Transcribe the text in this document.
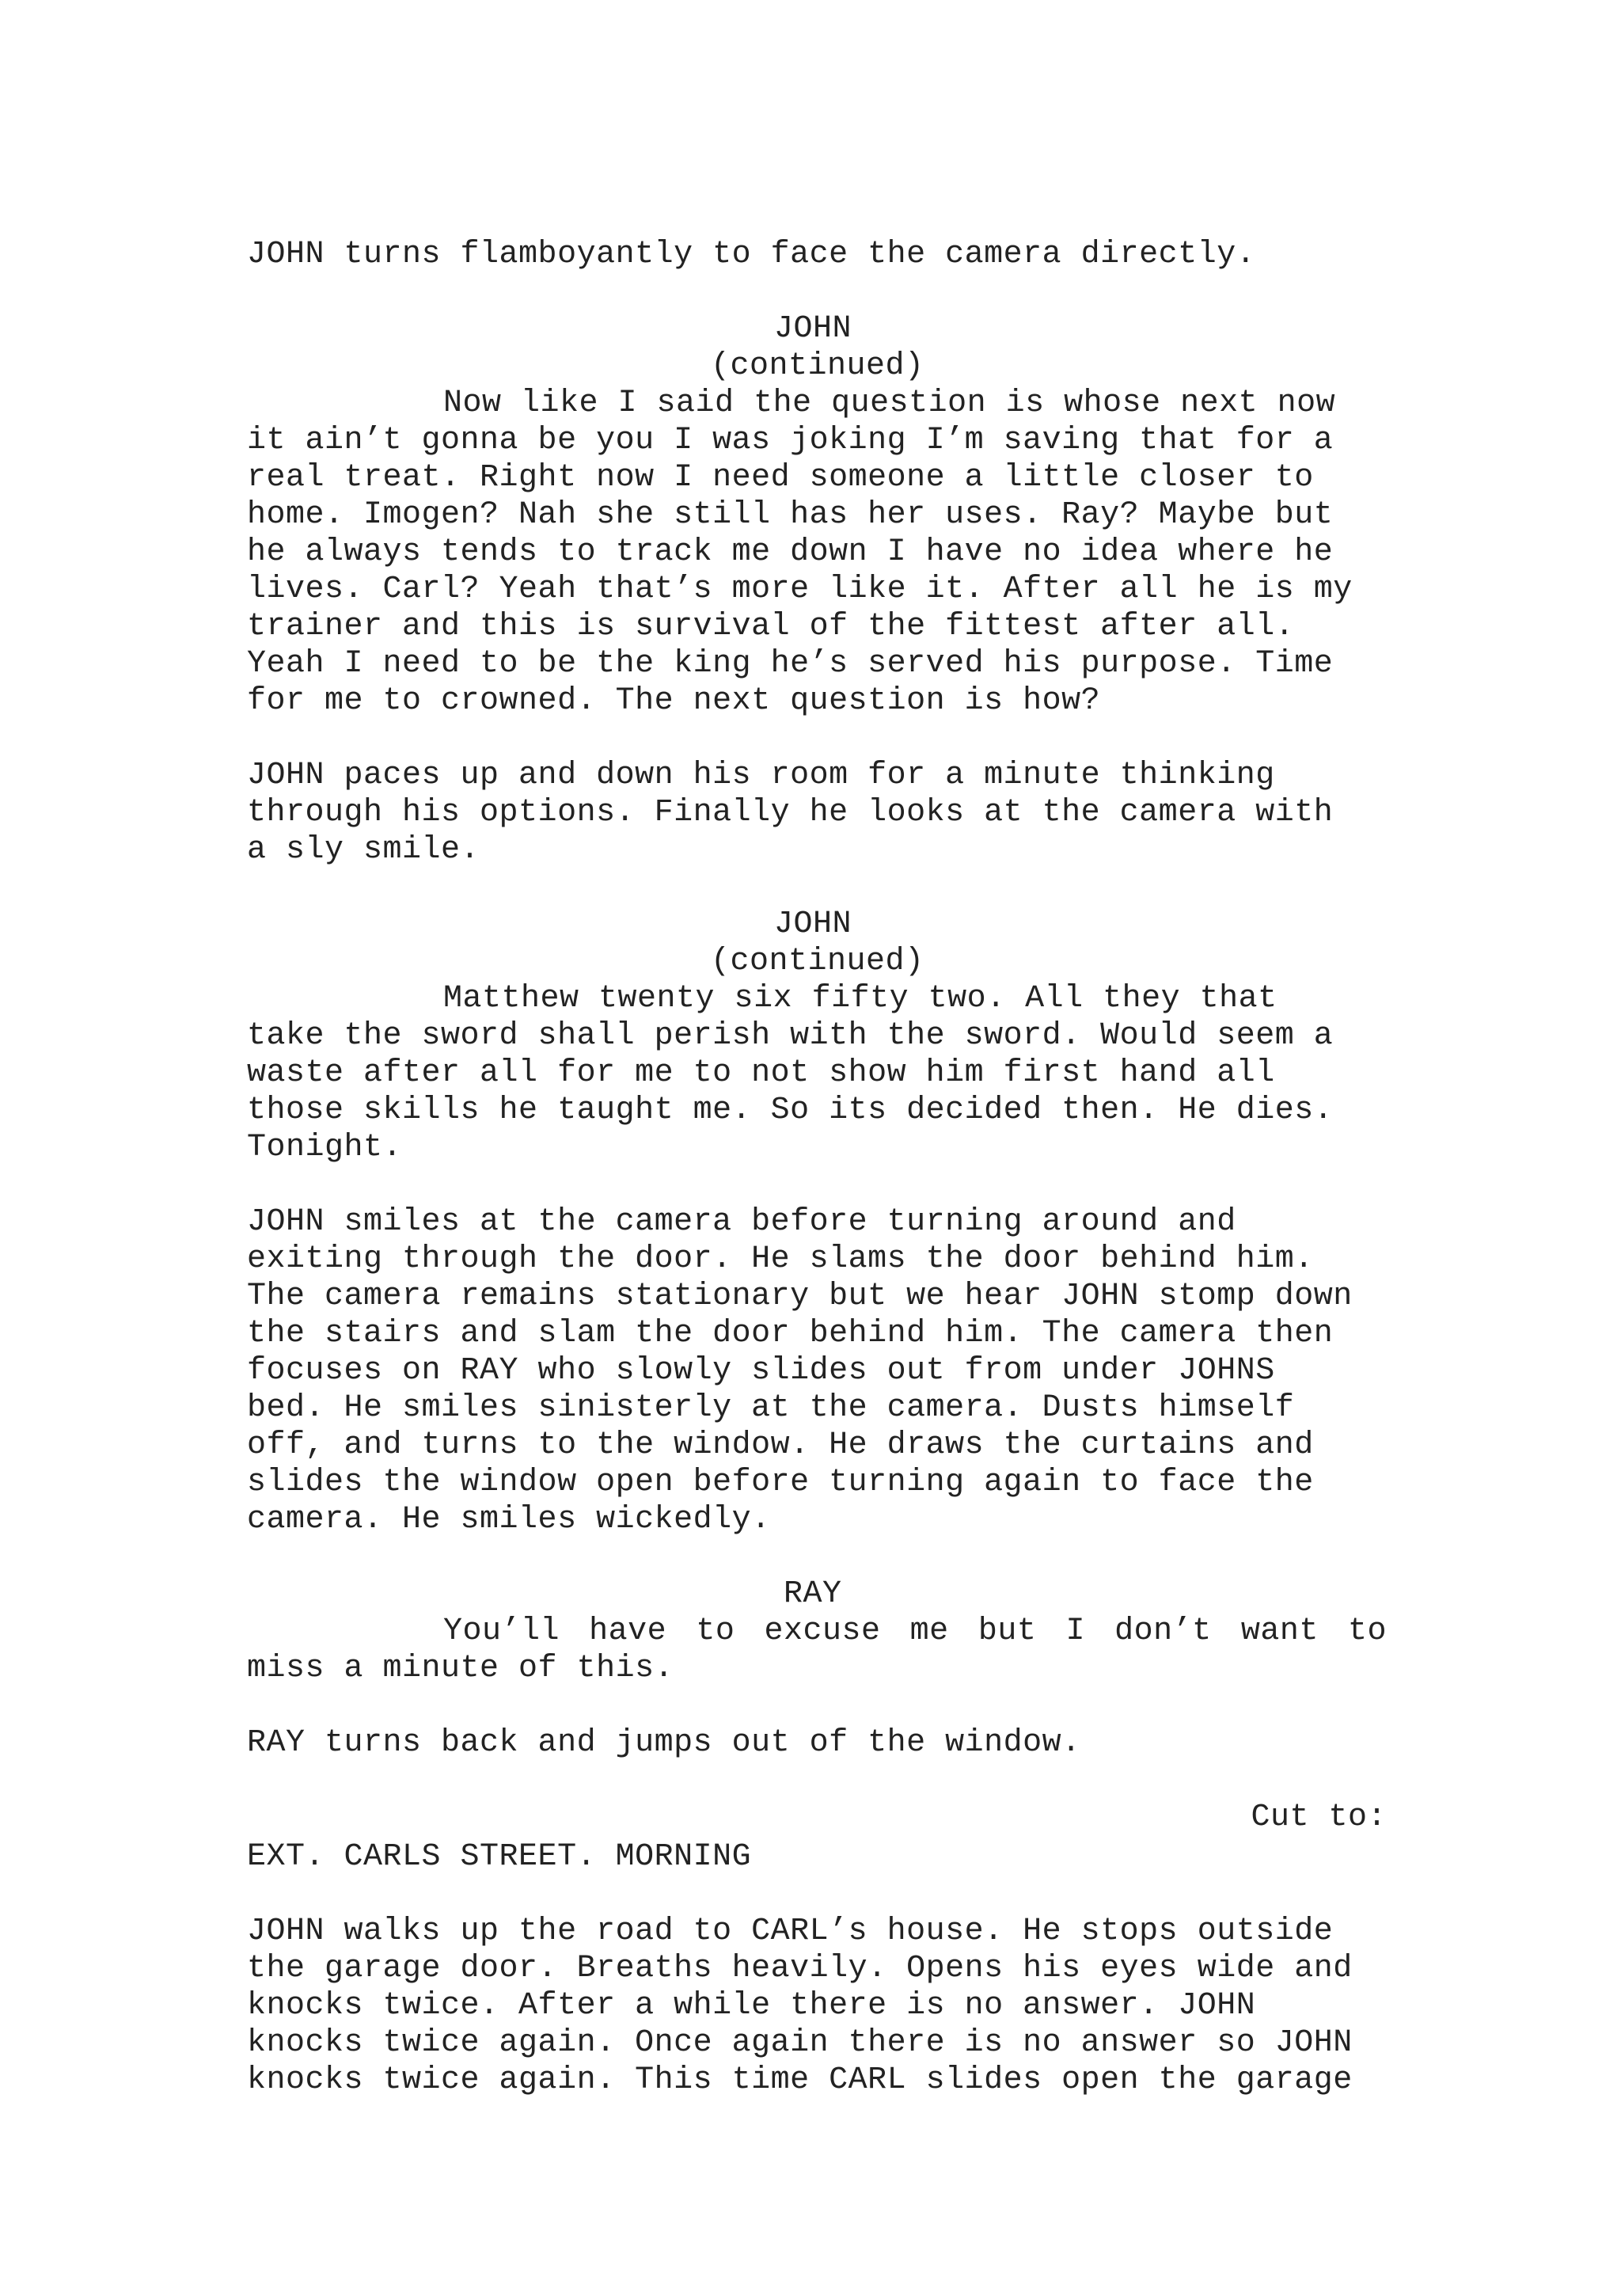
JOHN turns flamboyantly to face the camera directly.
JOHN
(continued)
Now like I said the question is whose next now
it ain’t gonna be you I was joking I’m saving that for a
real treat. Right now I need someone a little closer to
home. Imogen? Nah she still has her uses. Ray? Maybe but
he always tends to track me down I have no idea where he
lives. Carl? Yeah that’s more like it. After all he is my
trainer and this is survival of the fittest after all.
Yeah I need to be the king he’s served his purpose. Time
for me to crowned. The next question is how?
JOHN paces up and down his room for a minute thinking
through his options. Finally he looks at the camera with
a sly smile.
JOHN
(continued)
Matthew twenty six fifty two. All they that
take the sword shall perish with the sword. Would seem a
waste after all for me to not show him first hand all
those skills he taught me. So its decided then. He dies.
Tonight.
JOHN smiles at the camera before turning around and
exiting through the door. He slams the door behind him.
The camera remains stationary but we hear JOHN stomp down
the stairs and slam the door behind him. The camera then
focuses on RAY who slowly slides out from under JOHNS
bed. He smiles sinisterly at the camera. Dusts himself
off, and turns to the window. He draws the curtains and
slides the window open before turning again to face the
camera. He smiles wickedly.
RAY
You’ll have to excuse me but I don’t want to
miss a minute of this.
RAY turns back and jumps out of the window.
Cut to:
EXT. CARLS STREET. MORNING
JOHN walks up the road to CARL’s house. He stops outside
the garage door. Breaths heavily. Opens his eyes wide and
knocks twice. After a while there is no answer. JOHN
knocks twice again. Once again there is no answer so JOHN
knocks twice again. This time CARL slides open the garage
